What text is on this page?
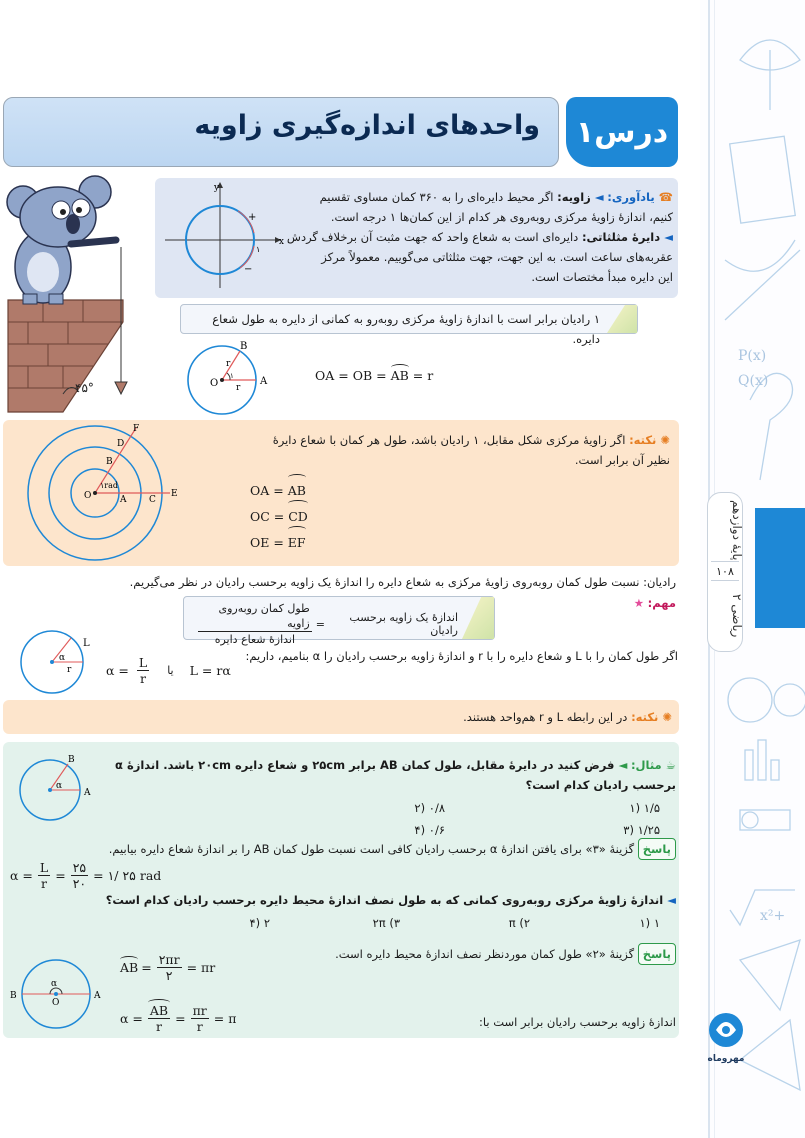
P(x)
Q(x)
x²+
پایۀ دوازدهم
۱۰۸
ریاضی ۲
مهروماه
واحدهای اندازه‌گیری زاویه	درس۱
۴۵°
x
y
+
−
۱
☎ یادآوری: ◄ زاویه: اگر محیط دایره‌ای را به ۳۶۰ کمان مساوی تقسیم
کنیم، اندازهٔ زاویهٔ مرکزی روبه‌روی هر کدام از این کمان‌ها ۱ درجه است.
◄ دایرۀ مثلثاتی: دایره‌ای است به شعاع واحد که جهت مثبت آن برخلاف گردش
عقربه‌های ساعت است. به این جهت، جهت مثلثاتی می‌گوییم. معمولاً مرکز
این دایره مبدأ مختصات است.
۱ رادیان برابر است با اندازۀ زاویۀ مرکزی روبه‌رو به کمانی از دایره به طول شعاع دایره.
O	A
B
r
r
۱	OA = OB = AB = r
O
۱rad
A	C
E
B
D
F
✺ نکته: اگر زاویۀ مرکزی شکل مقابل، ۱ رادیان باشد، طول هر کمان با شعاع دایرۀ
نظیر آن برابر است.
OA = AB
OC = CD
OE = EF
رادیان: نسبت طول کمان روبه‌روی زاویۀ مرکزی به شعاع دایره را اندازهٔ یک زاویه برحسب رادیان در نظر می‌گیریم.
مهم: ★
اندازهٔ یک زاویه برحسب رادیان
=
$\frac{\text{طول کمان روبه‌روی زاویه}}{\text{اندازهٔ شعاع دایره}}$
α
r
L
اگر طول کمان را با L و شعاع دایره را با r و اندازۀ زاویه برحسب رادیان را α بنامیم، داریم:
$\alpha = \frac{L}{r}$ یا L = rα
✺ نکته: در این رابطه L و r هم‌واحد هستند.
α
A
B	☕ مثال: ◄ فرض کنید در دایرۀ مقابل، طول کمان AB برابر ۲۵cm و شعاع دایره ۲۰cm باشد. اندازۀ α
برحسب رادیان کدام است؟
۱/۵ (۱
۰/۸ (۲
۱/۲۵ (۳
۰/۶ (۴
پاسخ گزینۀ «۳» برای یافتن اندازۀ α برحسب رادیان کافی است نسبت طول کمان AB را بر اندازۀ شعاع دایره بیابیم.
$\alpha = \frac{L}{r} = \frac{۲۵}{۲۰}$ = ۱/ ۲۵ rad
◄ اندازۀ زاویۀ مرکزی روبه‌روی کمانی که به طول نصف اندازۀ محیط دایره برحسب رادیان کدام است؟
۱ (۱
π (۲
۲π (۳
۲ (۴
پاسخ گزینۀ «۲» طول کمان موردنظر نصف اندازۀ محیط دایره است.
α
O
A
B
AB = $\frac{۲\pi r}{۲} = \pi r$
اندازۀ زاویه برحسب رادیان برابر است با:
$\alpha = \frac{AB}{r} = \frac{\pi r}{r} = \pi$
